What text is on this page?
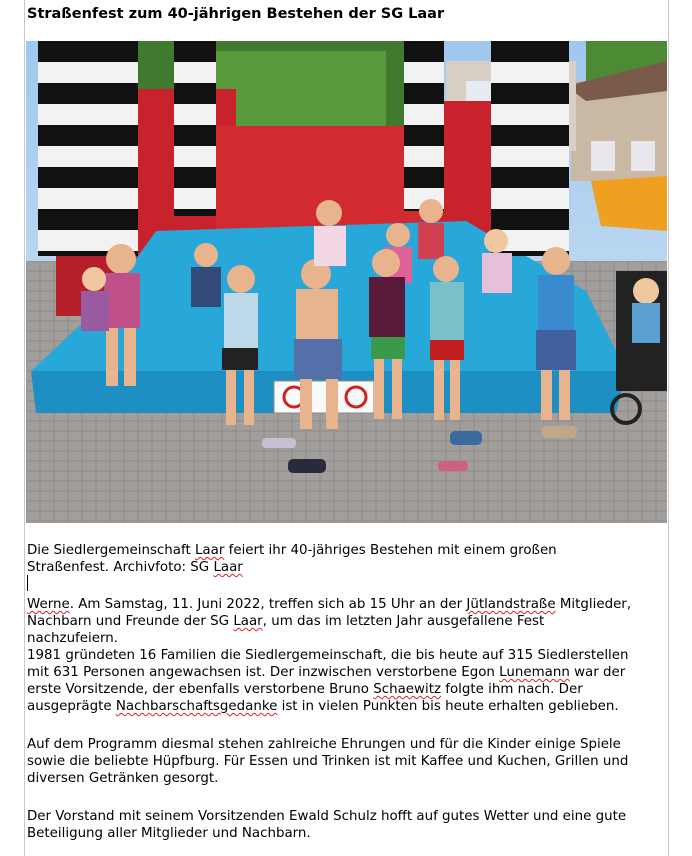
Straßenfest zum 40-jährigen Bestehen der SG Laar
Die Siedlergemeinschaft Laar feiert ihr 40-jähriges Bestehen mit einem großen
Straßenfest. Archivfoto: SG Laar
Werne. Am Samstag, 11. Juni 2022, treffen sich ab 15 Uhr an der Jütlandstraße Mitglieder,
Nachbarn und Freunde der SG Laar, um das im letzten Jahr ausgefallene Fest
nachzufeiern.
1981 gründeten 16 Familien die Siedlergemeinschaft, die bis heute auf 315 Siedlerstellen
mit 631 Personen angewachsen ist. Der inzwischen verstorbene Egon Lunemann war der
erste Vorsitzende, der ebenfalls verstorbene Bruno Schaewitz folgte ihm nach. Der
ausgeprägte Nachbarschaftsgedanke ist in vielen Punkten bis heute erhalten geblieben.
Auf dem Programm diesmal stehen zahlreiche Ehrungen und für die Kinder einige Spiele
sowie die beliebte Hüpfburg. Für Essen und Trinken ist mit Kaffee und Kuchen, Grillen und
diversen Getränken gesorgt.
Der Vorstand mit seinem Vorsitzenden Ewald Schulz hofft auf gutes Wetter und eine gute
Beteiligung aller Mitglieder und Nachbarn.
